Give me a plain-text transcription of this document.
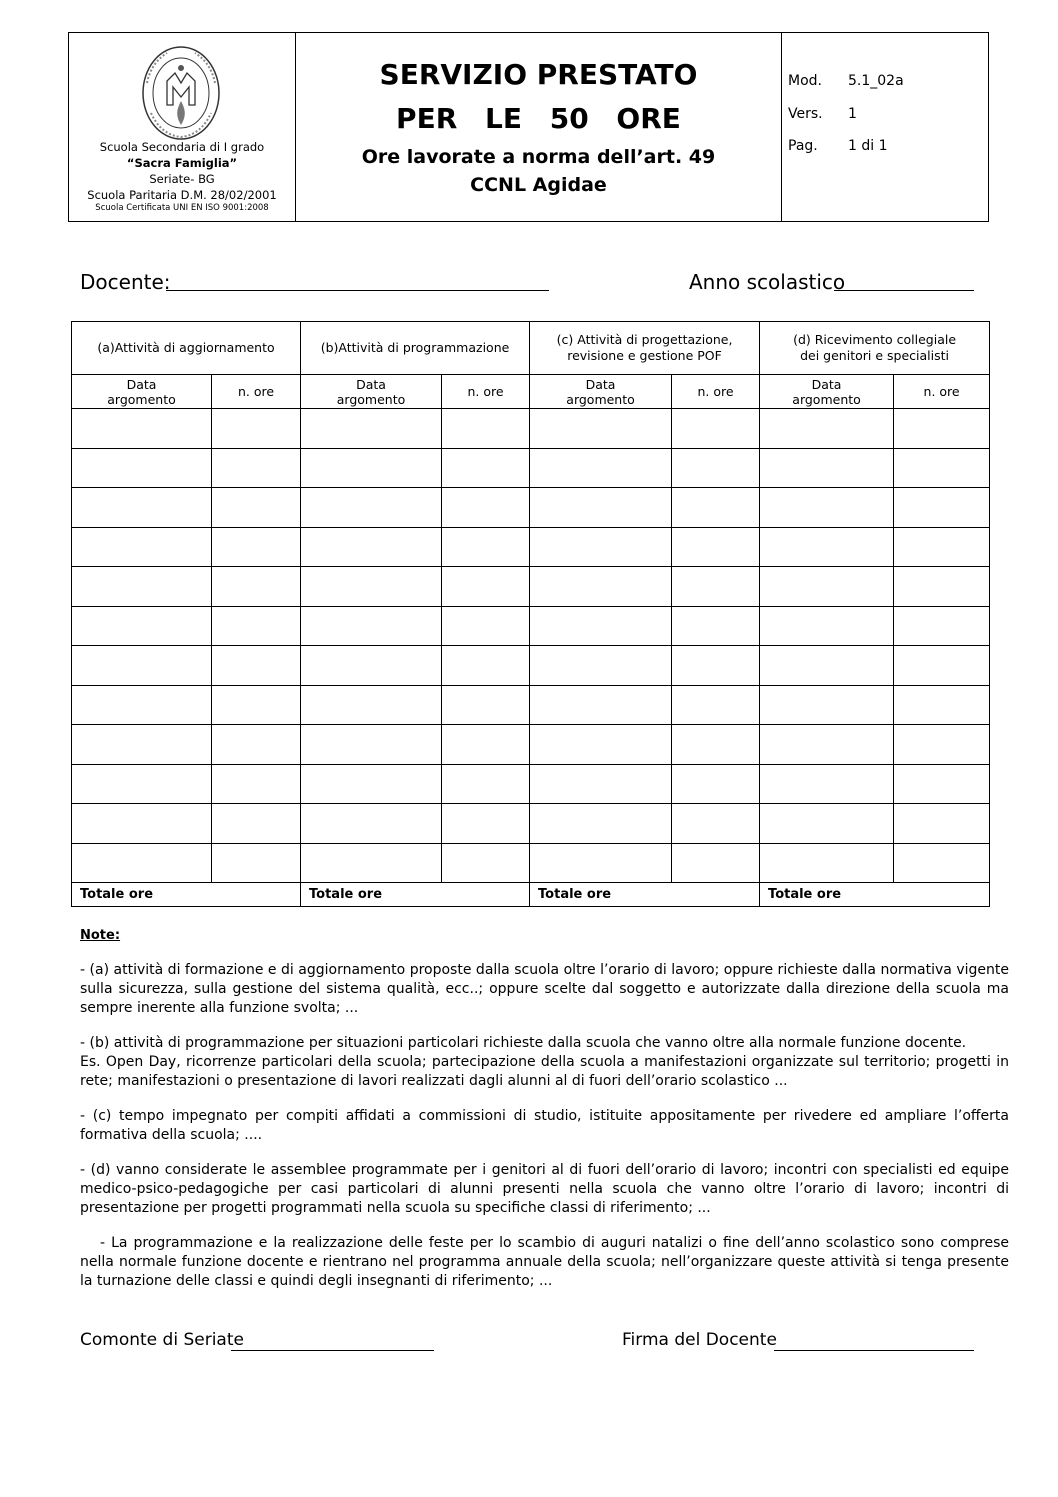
Scuola Secondaria di I grado
“Sacra Famiglia”
Seriate- BG
Scuola Paritaria D.M. 28/02/2001
Scuola Certificata UNI EN ISO 9001:2008
SERVIZIO PRESTATO
PER LE 50 ORE
Ore lavorate a norma dell’art. 49
CCNL Agidae
Mod. 5.1_02a
Vers. 1
Pag. 1 di 1
Docente:	Anno scolastico
(a)Attività di aggiornamento		(b)Attività di programmazione		(c) Attività di progettazione, revisione e gestione POF		(d) Ricevimento collegiale dei genitori e specialisti	

Data argomento	n. ore	Data argomento	n. ore	Data argomento	n. ore	Data argomento	n. ore

Totale ore		Totale ore		Totale ore		Totale ore	
Note:

- (a) attività di formazione e di aggiornamento proposte dalla scuola oltre l’orario di lavoro; oppure richieste dalla normativa vigente sulla sicurezza, sulla gestione del sistema qualità, ecc..; oppure scelte dal soggetto e autorizzate dalla direzione della scuola ma sempre inerente alla funzione svolta; ...

- (b) attività di programmazione per situazioni particolari richieste dalla scuola che vanno oltre alla normale funzione docente.

Es. Open Day, ricorrenze particolari della scuola; partecipazione della scuola a manifestazioni organizzate sul territorio; progetti in rete; manifestazioni o presentazione di lavori realizzati dagli alunni al di fuori dell’orario scolastico ...

- (c) tempo impegnato per compiti affidati a commissioni di studio, istituite appositamente per rivedere ed ampliare l’offerta formativa della scuola; ....

- (d) vanno considerate le assemblee programmate per i genitori al di fuori dell’orario di lavoro; incontri con specialisti ed equipe medico-psico-pedagogiche per casi particolari di alunni presenti nella scuola che vanno oltre l’orario di lavoro; incontri di presentazione per progetti programmati nella scuola su specifiche classi di riferimento; ...

- La programmazione e la realizzazione delle feste per lo scambio di auguri natalizi o fine dell’anno scolastico sono comprese nella normale funzione docente e rientrano nel programma annuale della scuola; nell’organizzare queste attività si tenga presente la turnazione delle classi e quindi degli insegnanti di riferimento; ...

Comonte di Seriate	Firma del Docente
